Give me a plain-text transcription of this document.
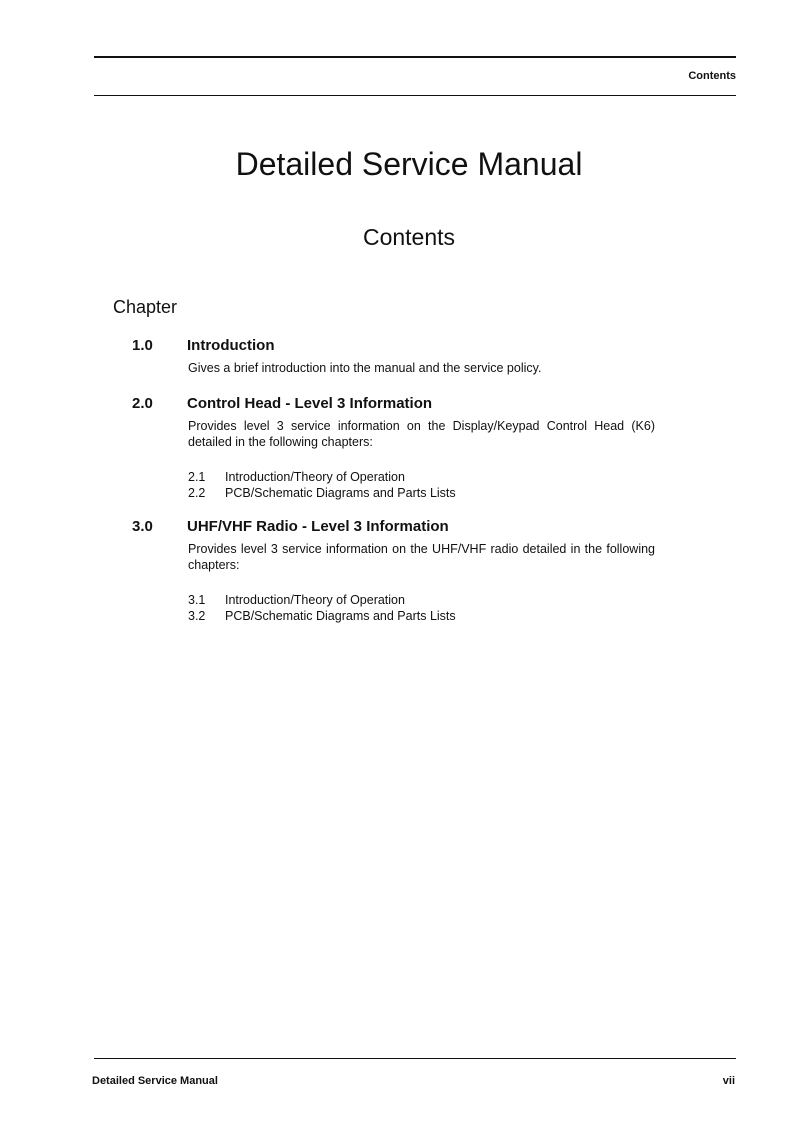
Contents
Detailed Service Manual
Contents
Chapter
1.0 Introduction

Gives a brief introduction into the manual and the service policy.

2.0 Control Head - Level 3 Information

Provides level 3 service information on the Display/Keypad Control Head (K6) detailed in the following chapters:

2.1 Introduction/Theory of Operation
2.2 PCB/Schematic Diagrams and Parts Lists
3.0 UHF/VHF Radio - Level 3 Information

Provides level 3 service information on the UHF/VHF radio detailed in the following chapters:

3.1 Introduction/Theory of Operation
3.2 PCB/Schematic Diagrams and Parts Lists
Detailed Service Manual	vii
